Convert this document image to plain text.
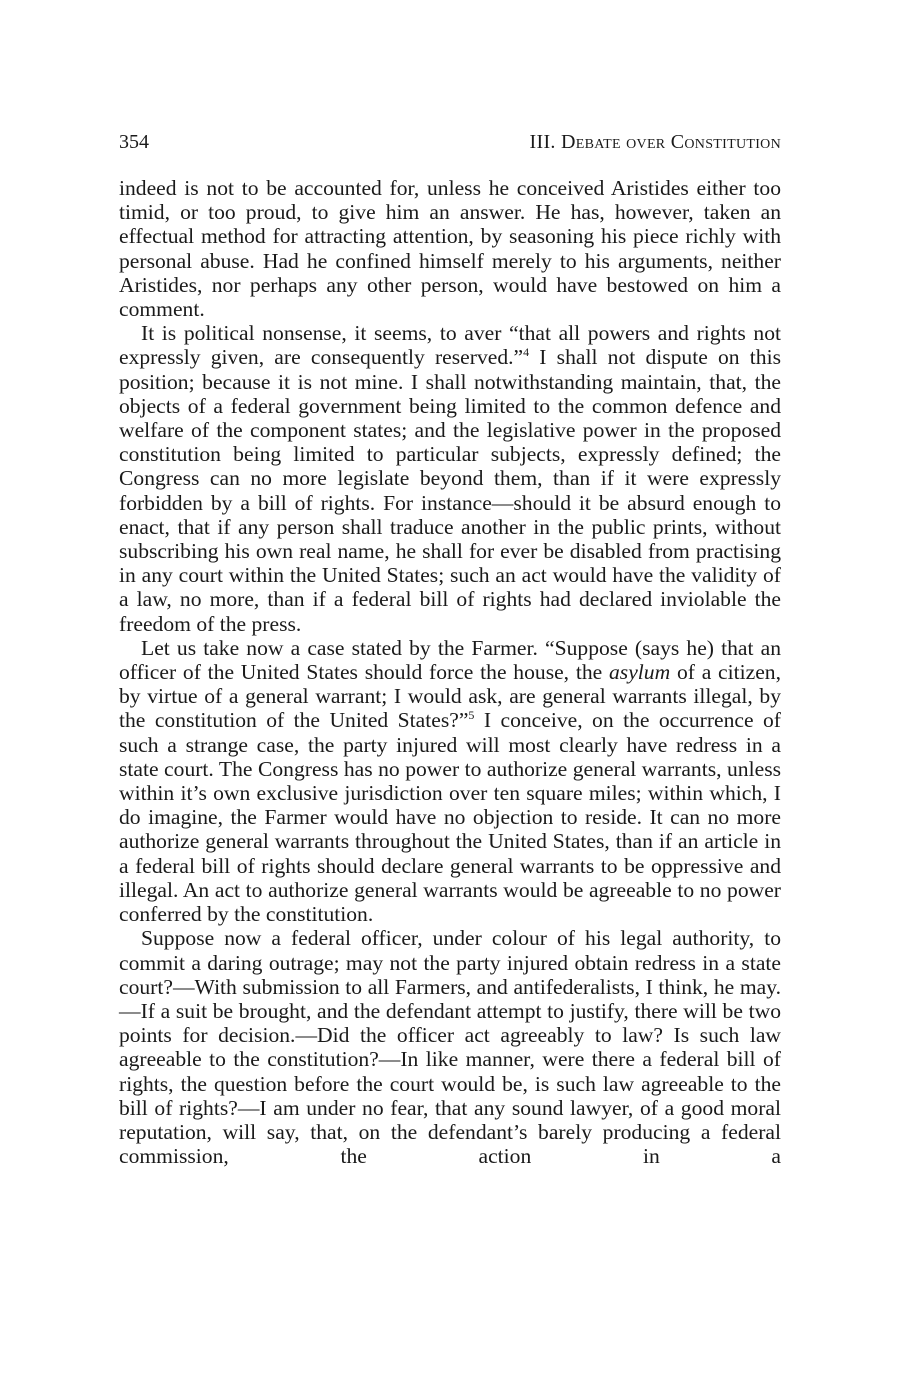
354	III. Debate over Constitution

indeed is not to be accounted for, unless he conceived Aristides either too timid, or too proud, to give him an answer. He has, however, taken an effectual method for attracting attention, by seasoning his piece richly with personal abuse. Had he confined himself merely to his arguments, neither Aristides, nor perhaps any other person, would have bestowed on him a comment.

It is political nonsense, it seems, to aver “that all powers and rights not expressly given, are consequently reserved.”$^4$ I shall not dispute on this position; because it is not mine. I shall notwithstanding maintain, that, the objects of a federal government being limited to the common defence and welfare of the component states; and the legislative power in the proposed constitution being limited to particular subjects, expressly defined; the Congress can no more legislate beyond them, than if it were expressly forbidden by a bill of rights. For instance—should it be absurd enough to enact, that if any person shall traduce another in the public prints, without subscribing his own real name, he shall for ever be disabled from practising in any court within the United States; such an act would have the validity of a law, no more, than if a federal bill of rights had declared inviolable the freedom of the press.

Let us take now a case stated by the Farmer. “Suppose (says he) that an officer of the United States should force the house, the asylum of a citizen, by virtue of a general warrant; I would ask, are general warrants illegal, by the constitution of the United States?”$^5$ I conceive, on the occurrence of such a strange case, the party injured will most clearly have redress in a state court. The Congress has no power to authorize general warrants, unless within it’s own exclusive jurisdiction over ten square miles; within which, I do imagine, the Farmer would have no objection to reside. It can no more authorize general warrants throughout the United States, than if an article in a federal bill of rights should declare general warrants to be oppressive and illegal. An act to authorize general warrants would be agreeable to no power conferred by the constitution.

Suppose now a federal officer, under colour of his legal authority, to commit a daring outrage; may not the party injured obtain redress in a state court?—With submission to all Farmers, and antifederalists, I think, he may.—If a suit be brought, and the defendant attempt to justify, there will be two points for decision.—Did the officer act agreeably to law? Is such law agreeable to the constitution?—In like manner, were there a federal bill of rights, the question before the court would be, is such law agreeable to the bill of rights?—I am under no fear, that any sound lawyer, of a good moral reputation, will say, that, on the defendant’s barely producing a federal commission, the action in a
